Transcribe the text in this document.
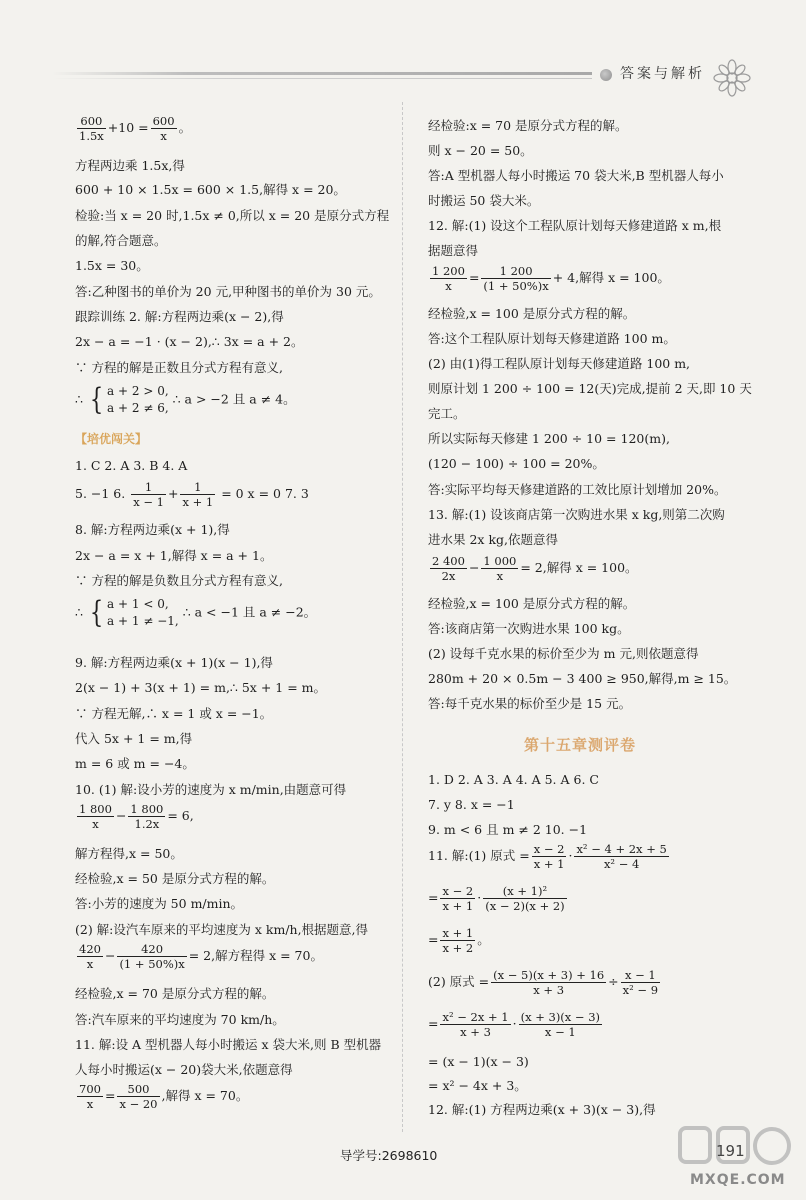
答案与解析
$\frac{600}{1.5x} +10 = \frac{600}{x}$ 。
方程两边乘 1.5x,得
600 + 10 × 1.5x = 600 × 1.5,解得 x = 20。
检验:当 x = 20 时,1.5x ≠ 0,所以 x = 20 是原分式方程
的解,符合题意。
1.5x = 30。
答:乙种图书的单价为 20 元,甲种图书的单价为 30 元。
跟踪训练 2. 解:方程两边乘(x − 2),得
2x − a = −1 · (x − 2),∴ 3x = a + 2。
∵ 方程的解是正数且分式方程有意义,
∴ { a + 2 > 0,
a + 2 ≠ 6,
∴ a > −2 且 a ≠ 4。
【培优闯关】
1. C 2. A 3. B 4. A
5. −1 6. $\frac{1}{x - 1} + \frac{1}{x + 1} = 0$ x = 0 7. 3
8. 解:方程两边乘(x + 1),得
2x − a = x + 1,解得 x = a + 1。
∵ 方程的解是负数且分式方程有意义,
∴ { a + 1 < 0,
a + 1 ≠ −1,
∴ a < −1 且 a ≠ −2。
9. 解:方程两边乘(x + 1)(x − 1),得
2(x − 1) + 3(x + 1) = m,∴ 5x + 1 = m。
∵ 方程无解,∴ x = 1 或 x = −1。
代入 5x + 1 = m,得
m = 6 或 m = −4。
10. (1) 解:设小芳的速度为 x m/min,由题意可得
$\frac{1 800}{x} - \frac{1 800}{1.2x} = 6$,
解方程得,x = 50。
经检验,x = 50 是原分式方程的解。
答:小芳的速度为 50 m/min。
(2) 解:设汽车原来的平均速度为 x km/h,根据题意,得
$\frac{420}{x} - \frac{420}{(1 + 50\%)x} = 2$,解方程得 x = 70。
经检验,x = 70 是原分式方程的解。
答:汽车原来的平均速度为 70 km/h。
11. 解:设 A 型机器人每小时搬运 x 袋大米,则 B 型机器
人每小时搬运(x − 20)袋大米,依题意得
$\frac{700}{x} = \frac{500}{x - 20}$ ,解得 x = 70。
经检验:x = 70 是原分式方程的解。
则 x − 20 = 50。
答:A 型机器人每小时搬运 70 袋大米,B 型机器人每小
时搬运 50 袋大米。
12. 解:(1) 设这个工程队原计划每天修建道路 x m,根
据题意得
$\frac{1 200}{x} = \frac{1 200}{(1 + 50\%)x} + 4$,解得 x = 100。
经检验,x = 100 是原分式方程的解。
答:这个工程队原计划每天修建道路 100 m。
(2) 由(1)得工程队原计划每天修建道路 100 m,
则原计划 1 200 ÷ 100 = 12(天)完成,提前 2 天,即 10 天
完工。
所以实际每天修建 1 200 ÷ 10 = 120(m),
(120 − 100) ÷ 100 = 20%。
答:实际平均每天修建道路的工效比原计划增加 20%。
13. 解:(1) 设该商店第一次购进水果 x kg,则第二次购
进水果 2x kg,依题意得
$\frac{2 400}{2x} - \frac{1 000}{x} = 2$,解得 x = 100。
经检验,x = 100 是原分式方程的解。
答:该商店第一次购进水果 100 kg。
(2) 设每千克水果的标价至少为 m 元,则依题意得
280m + 20 × 0.5m − 3 400 ≥ 950,解得,m ≥ 15。
答:每千克水果的标价至少是 15 元。
第十五章测评卷
1. D 2. A 3. A 4. A 5. A 6. C
7. y 8. x = −1
9. m < 6 且 m ≠ 2 10. −1
11. 解:(1) 原式 = $\frac{x - 2}{x + 1} \cdot \frac{\text{x² − 4 + 2x + 5}}{\text{x² − 4}}$
= $\frac{x - 2}{x + 1} \cdot \frac{\text{(x + 1)²}}{(x - 2)(x + 2)}$
= $\frac{x + 1}{x + 2}$ 。
(2) 原式 = $\frac{(x - 5)(x + 3) + 16}{x + 3} \div \frac{x - 1}{\text{x² − 9}}$
= $\frac{\text{x² − 2x + 1}}{x + 3} \cdot \frac{(x + 3)(x - 3)}{x - 1}$
= (x − 1)(x − 3)
= x² − 4x + 3。
12. 解:(1) 方程两边乘(x + 3)(x − 3),得
导学号:2698610	191
MXQE.COM
